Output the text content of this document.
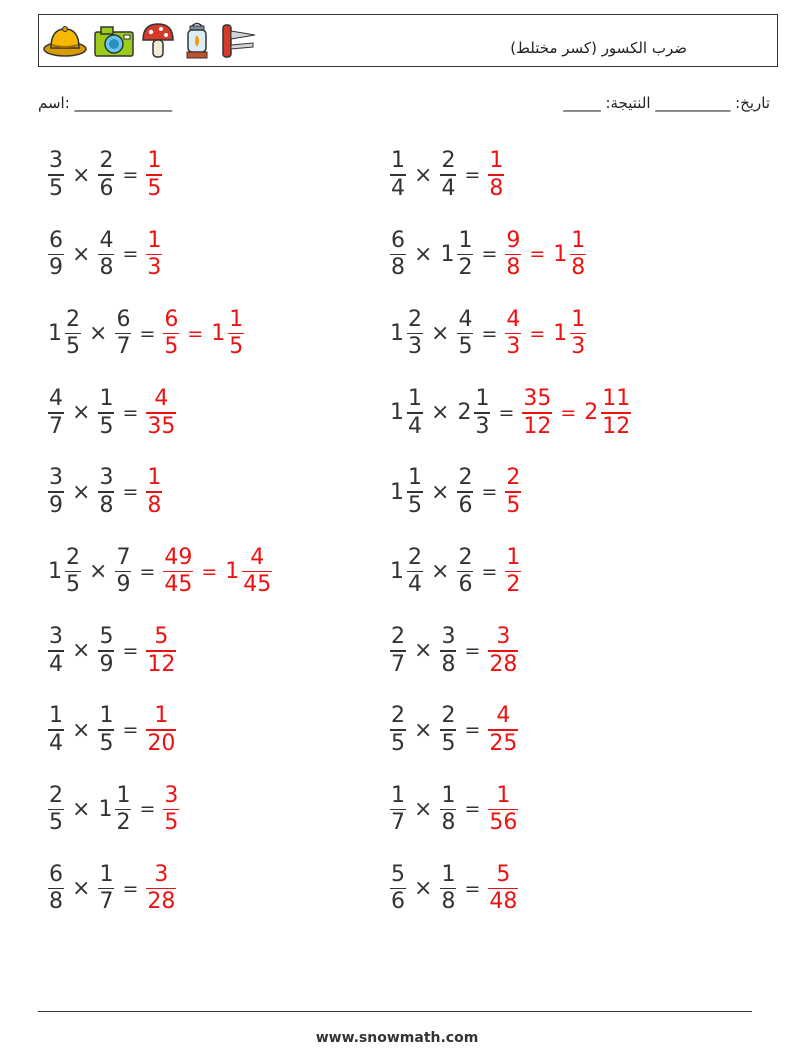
ضرب الكسور (كسر مختلط)
اسم: _____________	_____ :تاريخ: __________ النتيجة
$\frac{3}{5} \times \frac{2}{6} = \frac{1}{5}$	$\frac{1}{4} \times \frac{2}{4} = \frac{1}{8}$
$\frac{6}{9} \times \frac{4}{8} = \frac{1}{3}$	$\frac{6}{8} \times 1 \frac{1}{2} = \frac{9}{8} = 1 \frac{1}{8}$
$1 \frac{2}{5} \times \frac{6}{7} = \frac{6}{5} = 1 \frac{1}{5}$	$1 \frac{2}{3} \times \frac{4}{5} = \frac{4}{3} = 1 \frac{1}{3}$
$\frac{4}{7} \times \frac{1}{5} = \frac{4}{35}$	$1 \frac{1}{4} \times 2 \frac{1}{3} = \frac{35}{12} = 2 \frac{11}{12}$
$\frac{3}{9} \times \frac{3}{8} = \frac{1}{8}$	$1 \frac{1}{5} \times \frac{2}{6} = \frac{2}{5}$
$1 \frac{2}{5} \times \frac{7}{9} = \frac{49}{45} = 1 \frac{4}{45}$	$1 \frac{2}{4} \times \frac{2}{6} = \frac{1}{2}$
$\frac{3}{4} \times \frac{5}{9} = \frac{5}{12}$	$\frac{2}{7} \times \frac{3}{8} = \frac{3}{28}$
$\frac{1}{4} \times \frac{1}{5} = \frac{1}{20}$	$\frac{2}{5} \times \frac{2}{5} = \frac{4}{25}$
$\frac{2}{5} \times 1 \frac{1}{2} = \frac{3}{5}$	$\frac{1}{7} \times \frac{1}{8} = \frac{1}{56}$
$\frac{6}{8} \times \frac{1}{7} = \frac{3}{28}$	$\frac{5}{6} \times \frac{1}{8} = \frac{5}{48}$
www.snowmath.com
